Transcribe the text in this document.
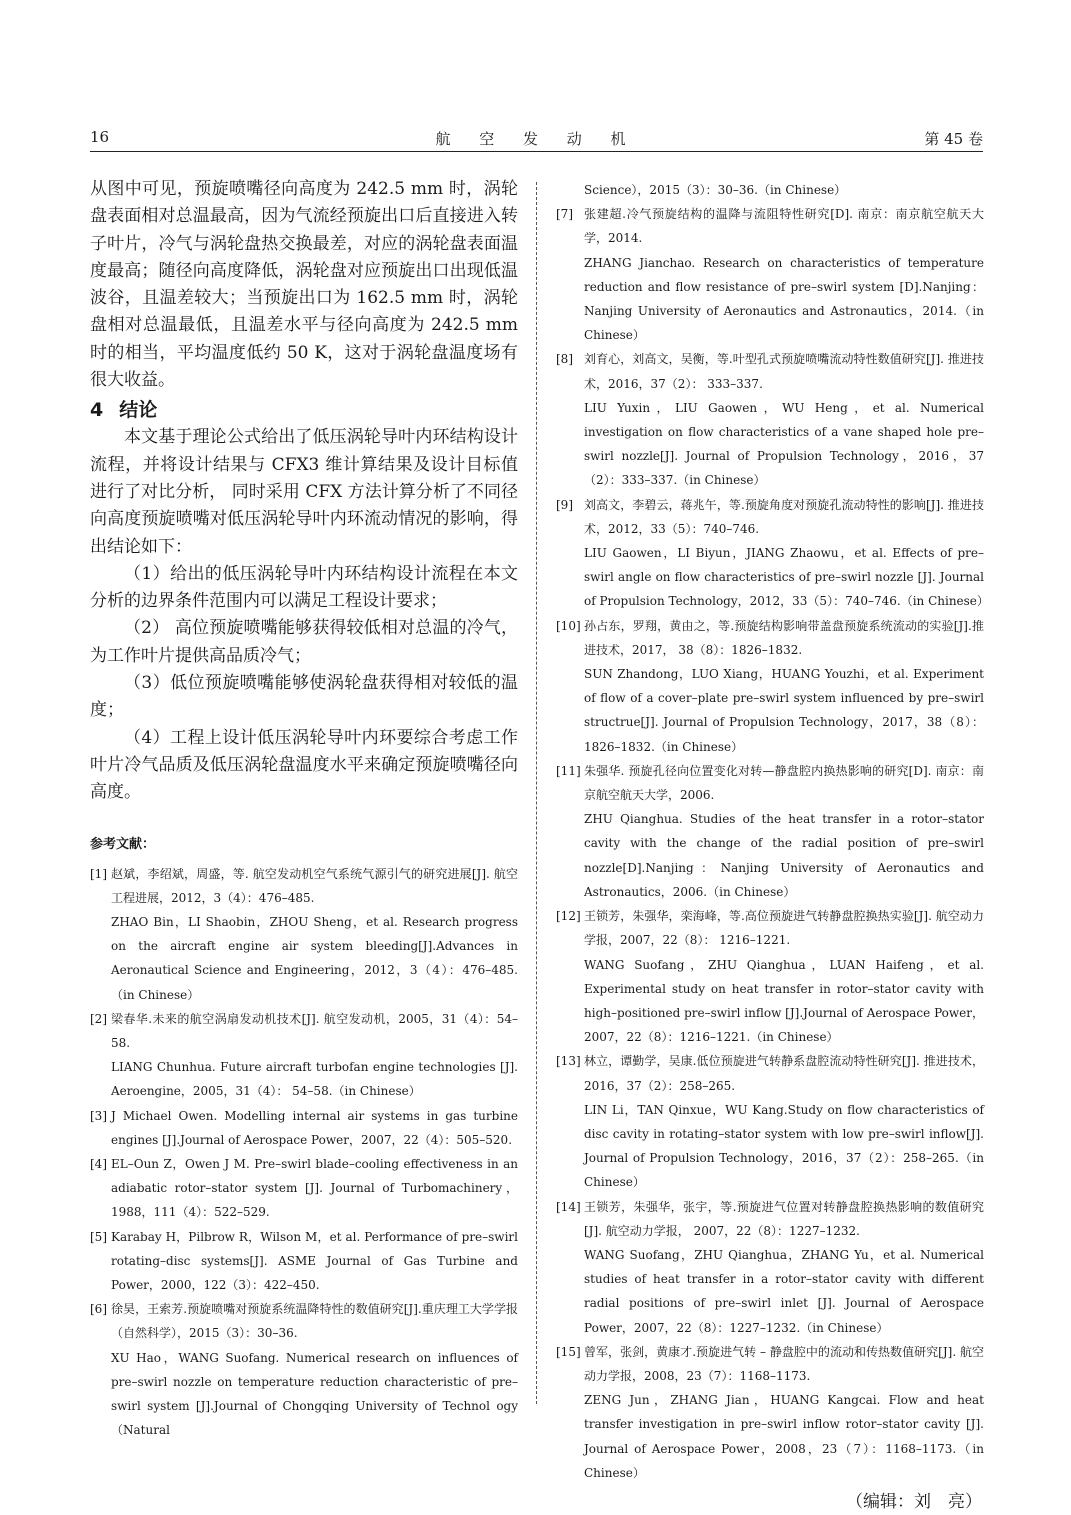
16	航 空 发 动 机	第 45 卷

从图中可见，预旋喷嘴径向高度为 242.5 mm 时，涡轮盘表面相对总温最高，因为气流经预旋出口后直接进入转子叶片，冷气与涡轮盘热交换最差，对应的涡轮盘表面温度最高；随径向高度降低，涡轮盘对应预旋出口出现低温波谷，且温差较大；当预旋出口为 162.5 mm 时，涡轮盘相对总温最低，且温差水平与径向高度为 242.5 mm 时的相当，平均温度低约 50 K，这对于涡轮盘温度场有很大收益。

4 结论

本文基于理论公式给出了低压涡轮导叶内环结构设计流程，并将设计结果与 CFX3 维计算结果及设计目标值进行了对比分析， 同时采用 CFX 方法计算分析了不同径向高度预旋喷嘴对低压涡轮导叶内环流动情况的影响，得出结论如下：

（1）给出的低压涡轮导叶内环结构设计流程在本文分析的边界条件范围内可以满足工程设计要求；

（2） 高位预旋喷嘴能够获得较低相对总温的冷气，为工作叶片提供高品质冷气；

（3）低位预旋喷嘴能够使涡轮盘获得相对较低的温度；

（4）工程上设计低压涡轮导叶内环要综合考虑工作叶片冷气品质及低压涡轮盘温度水平来确定预旋喷嘴径向高度。

参考文献：

[1] 赵斌，李绍斌，周盛，等. 航空发动机空气系统气源引气的研究进展[J]. 航空工程进展，2012，3（4）：476–485.
ZHAO Bin，LI Shaobin，ZHOU Sheng，et al. Research progress on the aircraft engine air system bleeding[J].Advances in Aeronautical Science and Engineering，2012，3（4）：476–485.（in Chinese）

[2] 梁春华.未来的航空涡扇发动机技术[J]. 航空发动机，2005，31（4）：54–58.
LIANG Chunhua. Future aircraft turbofan engine technologies [J]. Aeroengine，2005，31（4）： 54–58.（in Chinese）

[3] J Michael Owen. Modelling internal air systems in gas turbine engines [J].Journal of Aerospace Power，2007，22（4）：505–520.

[4] EL–Oun Z，Owen J M. Pre–swirl blade–cooling effectiveness in an adiabatic rotor–stator system [J]. Journal of Turbomachinery，1988，111（4）：522–529.

[5] Karabay H，Pilbrow R，Wilson M，et al. Performance of pre–swirl rotating–disc systems[J]. ASME Journal of Gas Turbine and Power，2000，122（3）：422–450.

[6] 徐昊，王索芳.预旋喷嘴对预旋系统温降特性的数值研究[J].重庆理工大学学报（自然科学），2015（3）：30–36.
XU Hao，WANG Suofang. Numerical research on influences of pre–swirl nozzle on temperature reduction characteristic of pre–swirl system [J].Journal of Chongqing University of Technol ogy（Natural

Science），2015（3）：30–36.（in Chinese）

[7] 张建超.冷气预旋结构的温降与流阻特性研究[D]. 南京：南京航空航天大学，2014.
ZHANG Jianchao. Research on characteristics of temperature reduction and flow resistance of pre–swirl system [D].Nanjing：Nanjing University of Aeronautics and Astronautics，2014.（in Chinese）

[8] 刘育心，刘高文，吴衡，等.叶型孔式预旋喷嘴流动特性数值研究[J]. 推进技术，2016，37（2）： 333–337.
LIU Yuxin，LIU Gaowen，WU Heng，et al. Numerical investigation on flow characteristics of a vane shaped hole pre–swirl nozzle[J]. Journal of Propulsion Technology，2016，37（2）：333–337.（in Chinese）

[9] 刘高文，李碧云，蒋兆午，等.预旋角度对预旋孔流动特性的影响[J]. 推进技术，2012，33（5）：740–746.
LIU Gaowen，LI Biyun，JIANG Zhaowu，et al. Effects of pre–swirl angle on flow characteristics of pre–swirl nozzle [J]. Journal of Propulsion Technology，2012，33（5）：740–746.（in Chinese）

[10] 孙占东，罗翔，黄由之，等.预旋结构影响带盖盘预旋系统流动的实验[J].推进技术，2017， 38（8）：1826–1832.
SUN Zhandong，LUO Xiang，HUANG Youzhi，et al. Experiment of flow of a cover–plate pre–swirl system influenced by pre–swirl structrue[J]. Journal of Propulsion Technology，2017，38（8）：1826–1832.（in Chinese）

[11] 朱强华. 预旋孔径向位置变化对转—静盘腔内换热影响的研究[D]. 南京：南京航空航天大学，2006.
ZHU Qianghua. Studies of the heat transfer in a rotor–stator cavity with the change of the radial position of pre–swirl nozzle[D].Nanjing：Nanjing University of Aeronautics and Astronautics，2006.（in Chinese）

[12] 王锁芳，朱强华，栾海峰，等.高位预旋进气转静盘腔换热实验[J]. 航空动力学报，2007，22（8）： 1216–1221.
WANG Suofang，ZHU Qianghua，LUAN Haifeng，et al. Experimental study on heat transfer in rotor–stator cavity with high–positioned pre–swirl inflow [J].Journal of Aerospace Power， 2007，22（8）：1216–1221.（in Chinese）

[13] 林立，谭勤学，吴康.低位预旋进气转静系盘腔流动特性研究[J]. 推进技术，2016，37（2）：258–265.
LIN Li，TAN Qinxue，WU Kang.Study on flow characteristics of disc cavity in rotating–stator system with low pre–swirl inflow[J]. Journal of Propulsion Technology，2016，37（2）：258–265.（in Chinese）

[14] 王锁芳，朱强华，张宇，等.预旋进气位置对转静盘腔换热影响的数值研究[J]. 航空动力学报， 2007，22（8）：1227–1232.
WANG Suofang，ZHU Qianghua，ZHANG Yu，et al. Numerical studies of heat transfer in a rotor–stator cavity with different radial positions of pre–swirl inlet [J]. Journal of Aerospace Power，2007，22（8）：1227–1232.（in Chinese）

[15] 曾军，张剑，黄康才.预旋进气转 – 静盘腔中的流动和传热数值研究[J]. 航空动力学报，2008，23（7）：1168–1173.
ZENG Jun，ZHANG Jian，HUANG Kangcai. Flow and heat transfer investigation in pre–swirl inflow rotor–stator cavity [J]. Journal of Aerospace Power，2008，23（7）：1168–1173.（in Chinese）

（编辑：刘　亮）
